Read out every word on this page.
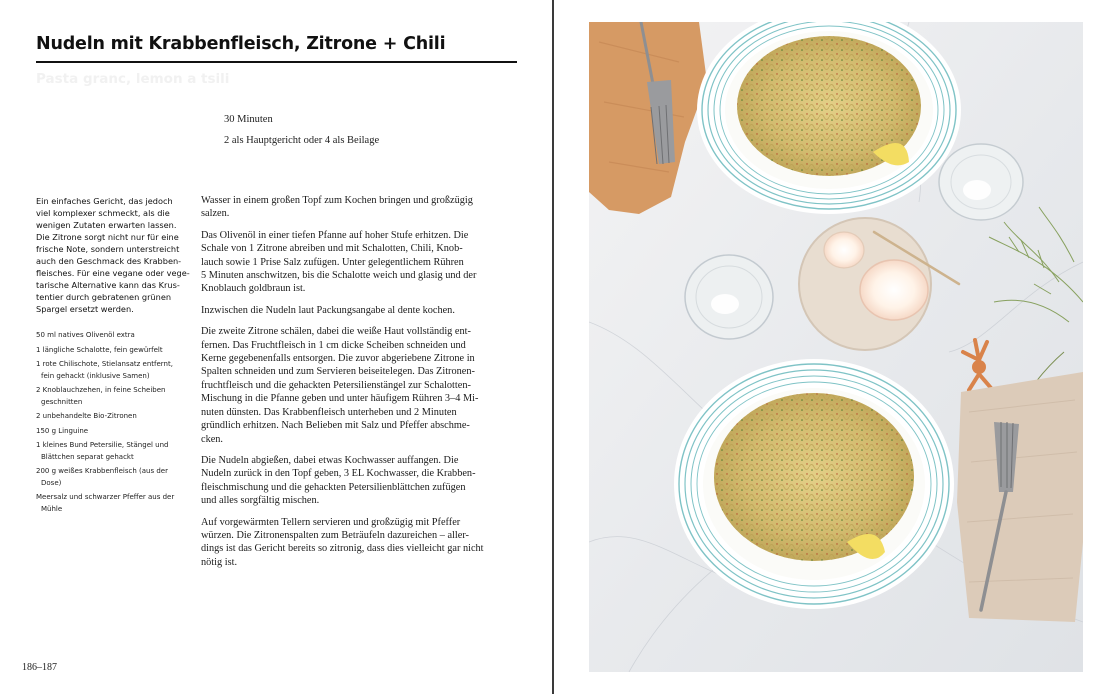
Nudeln mit Krabbenfleisch, Zitrone + Chili
Pasta granc, lemon a tsili
30 Minuten
2 als Hauptgericht oder 4 als Beilage
Ein einfaches Gericht, das jedoch
viel komplexer schmeckt, als die
wenigen Zutaten erwarten lassen.
Die Zitrone sorgt nicht nur für eine
frische Note, sondern unterstreicht
auch den Geschmack des Krabben-
fleisches. Für eine vegane oder vege-
tarische Alternative kann das Krus-
tentier durch gebratenen grünen
Spargel ersetzt werden.
50 ml natives Olivenöl extra
1 längliche Schalotte, fein gewürfelt
1 rote Chilischote, Stielansatz entfernt,
fein gehackt (inklusive Samen)
2 Knoblauchzehen, in feine Scheiben
geschnitten
2 unbehandelte Bio-Zitronen
150 g Linguine
1 kleines Bund Petersilie, Stängel und
Blättchen separat gehackt
200 g weißes Krabbenfleisch (aus der
Dose)
Meersalz und schwarzer Pfeffer aus der
Mühle

Wasser in einem großen Topf zum Kochen bringen und großzügig
salzen.

Das Olivenöl in einer tiefen Pfanne auf hoher Stufe erhitzen. Die
Schale von 1 Zitrone abreiben und mit Schalotten, Chili, Knob-
lauch sowie 1 Prise Salz zufügen. Unter gelegentlichem Rühren
5 Minuten anschwitzen, bis die Schalotte weich und glasig und der
Knoblauch goldbraun ist.

Inzwischen die Nudeln laut Packungsangabe al dente kochen.

Die zweite Zitrone schälen, dabei die weiße Haut vollständig ent-
fernen. Das Fruchtfleisch in 1 cm dicke Scheiben schneiden und
Kerne gegebenenfalls entsorgen. Die zuvor abgeriebene Zitrone in
Spalten schneiden und zum Servieren beiseitelegen. Das Zitronen-
fruchtfleisch und die gehackten Petersilienstängel zur Schalotten-
Mischung in die Pfanne geben und unter häufigem Rühren 3–4 Mi-
nuten dünsten. Das Krabbenfleisch unterheben und 2 Minuten
gründlich erhitzen. Nach Belieben mit Salz und Pfeffer abschme-
cken.

Die Nudeln abgießen, dabei etwas Kochwasser auffangen. Die
Nudeln zurück in den Topf geben, 3 EL Kochwasser, die Krabben-
fleischmischung und die gehackten Petersilienblättchen zufügen
und alles sorgfältig mischen.

Auf vorgewärmten Tellern servieren und großzügig mit Pfeffer
würzen. Die Zitronenspalten zum Beträufeln dazureichen – aller-
dings ist das Gericht bereits so zitronig, dass dies vielleicht gar nicht
nötig ist.

186–187
